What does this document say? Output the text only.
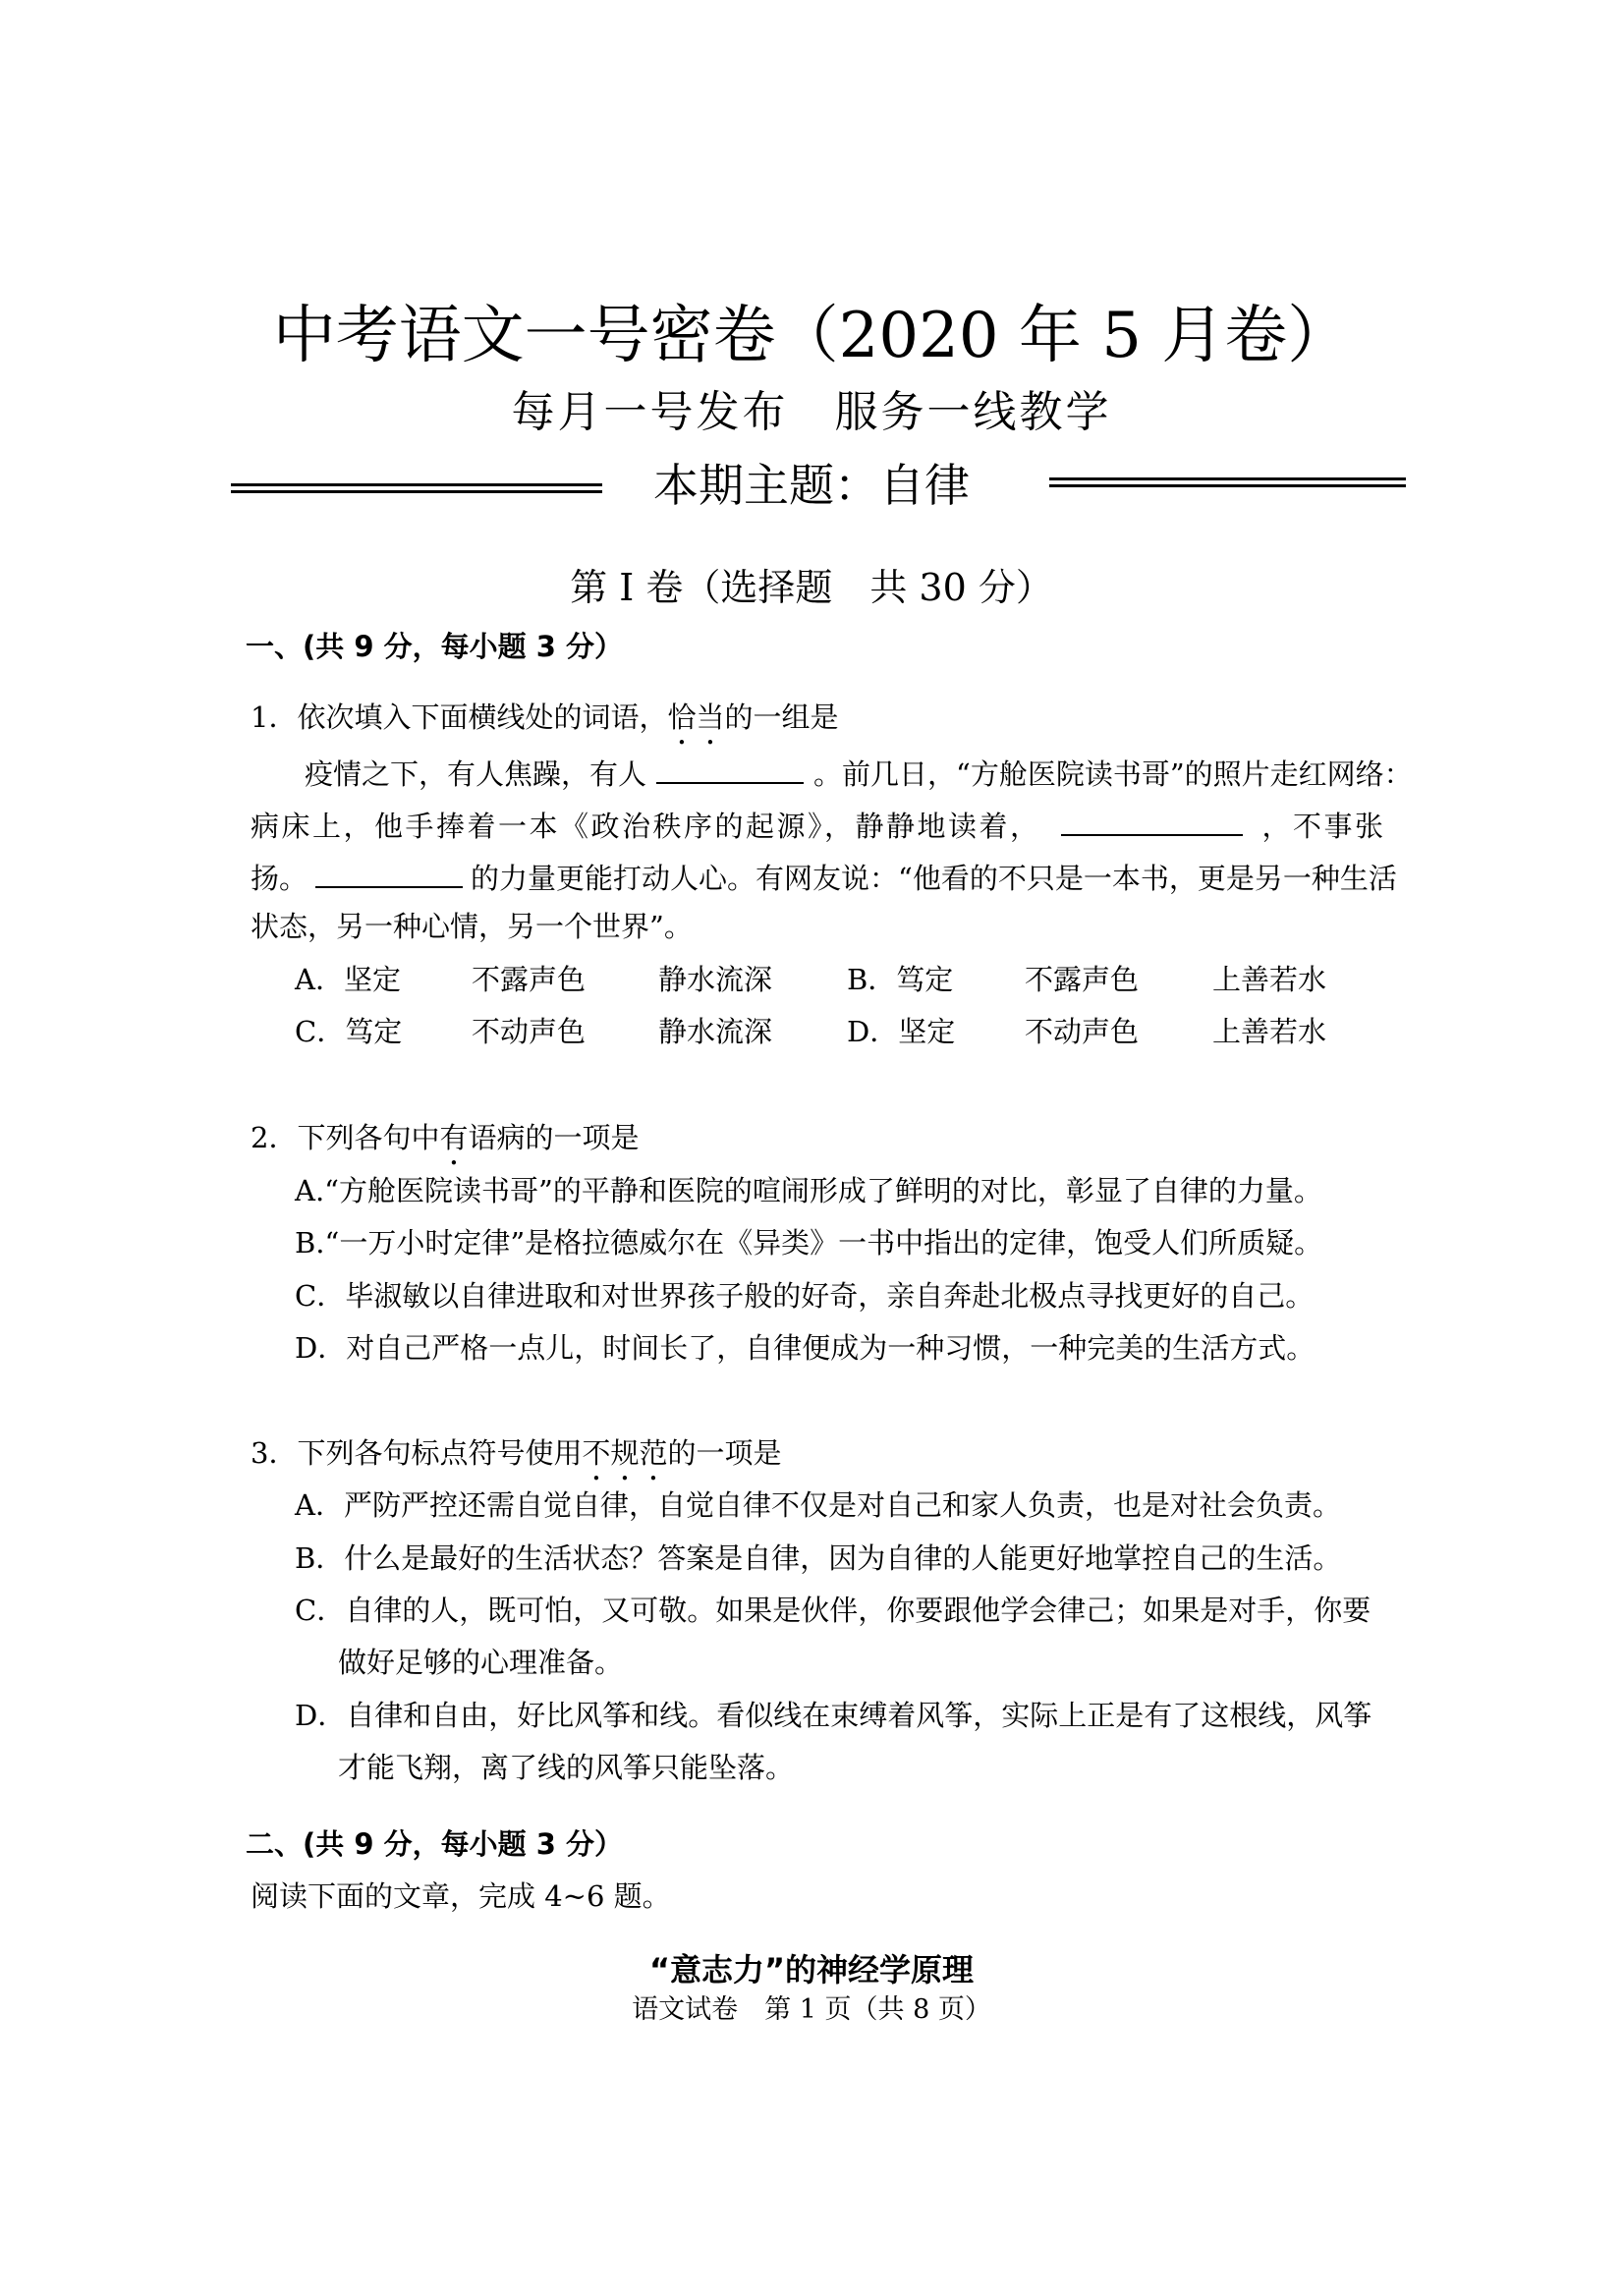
中考语文一号密卷（2020 年 5 月卷）
每月一号发布　服务一线教学
本期主题：自律
第 I 卷（选择题　共 30 分）
一、(共 9 分，每小题 3 分）
1．依次填入下面横线处的词语，恰当的一组是
疫情之下，有人焦躁，有人	。前几日，“方舱医院读书哥”的照片走红网络：
病床上，他手捧着一本《政治秩序的起源》，静静地读着，	，不事张
扬。	的力量更能打动人心。有网友说：“他看的不只是一本书，更是另一种生活
状态，另一种心情，另一个世界”。
A．坚定 不露声色	静水流深	B．笃定	不露声色	上善若水
C．笃定 不动声色	静水流深	D．坚定 不动声色	上善若水
2．下列各句中有语病的一项是
A.“方舱医院读书哥”的平静和医院的喧闹形成了鲜明的对比，彰显了自律的力量。
B.“一万小时定律”是格拉德威尔在《异类》一书中指出的定律，饱受人们所质疑。
C．毕淑敏以自律进取和对世界孩子般的好奇，亲自奔赴北极点寻找更好的自己。
D．对自己严格一点儿，时间长了，自律便成为一种习惯，一种完美的生活方式。
3．下列各句标点符号使用不规范的一项是
A．严防严控还需自觉自律，自觉自律不仅是对自己和家人负责，也是对社会负责。
B．什么是最好的生活状态？答案是自律，因为自律的人能更好地掌控自己的生活。
C．自律的人，既可怕，又可敬。如果是伙伴，你要跟他学会律己；如果是对手，你要
做好足够的心理准备。
D．自律和自由，好比风筝和线。看似线在束缚着风筝，实际上正是有了这根线，风筝
才能飞翔，离了线的风筝只能坠落。
二、(共 9 分，每小题 3 分）
阅读下面的文章，完成 4~6 题。
“意志力”的神经学原理
语文试卷　第 1 页（共 8 页）
